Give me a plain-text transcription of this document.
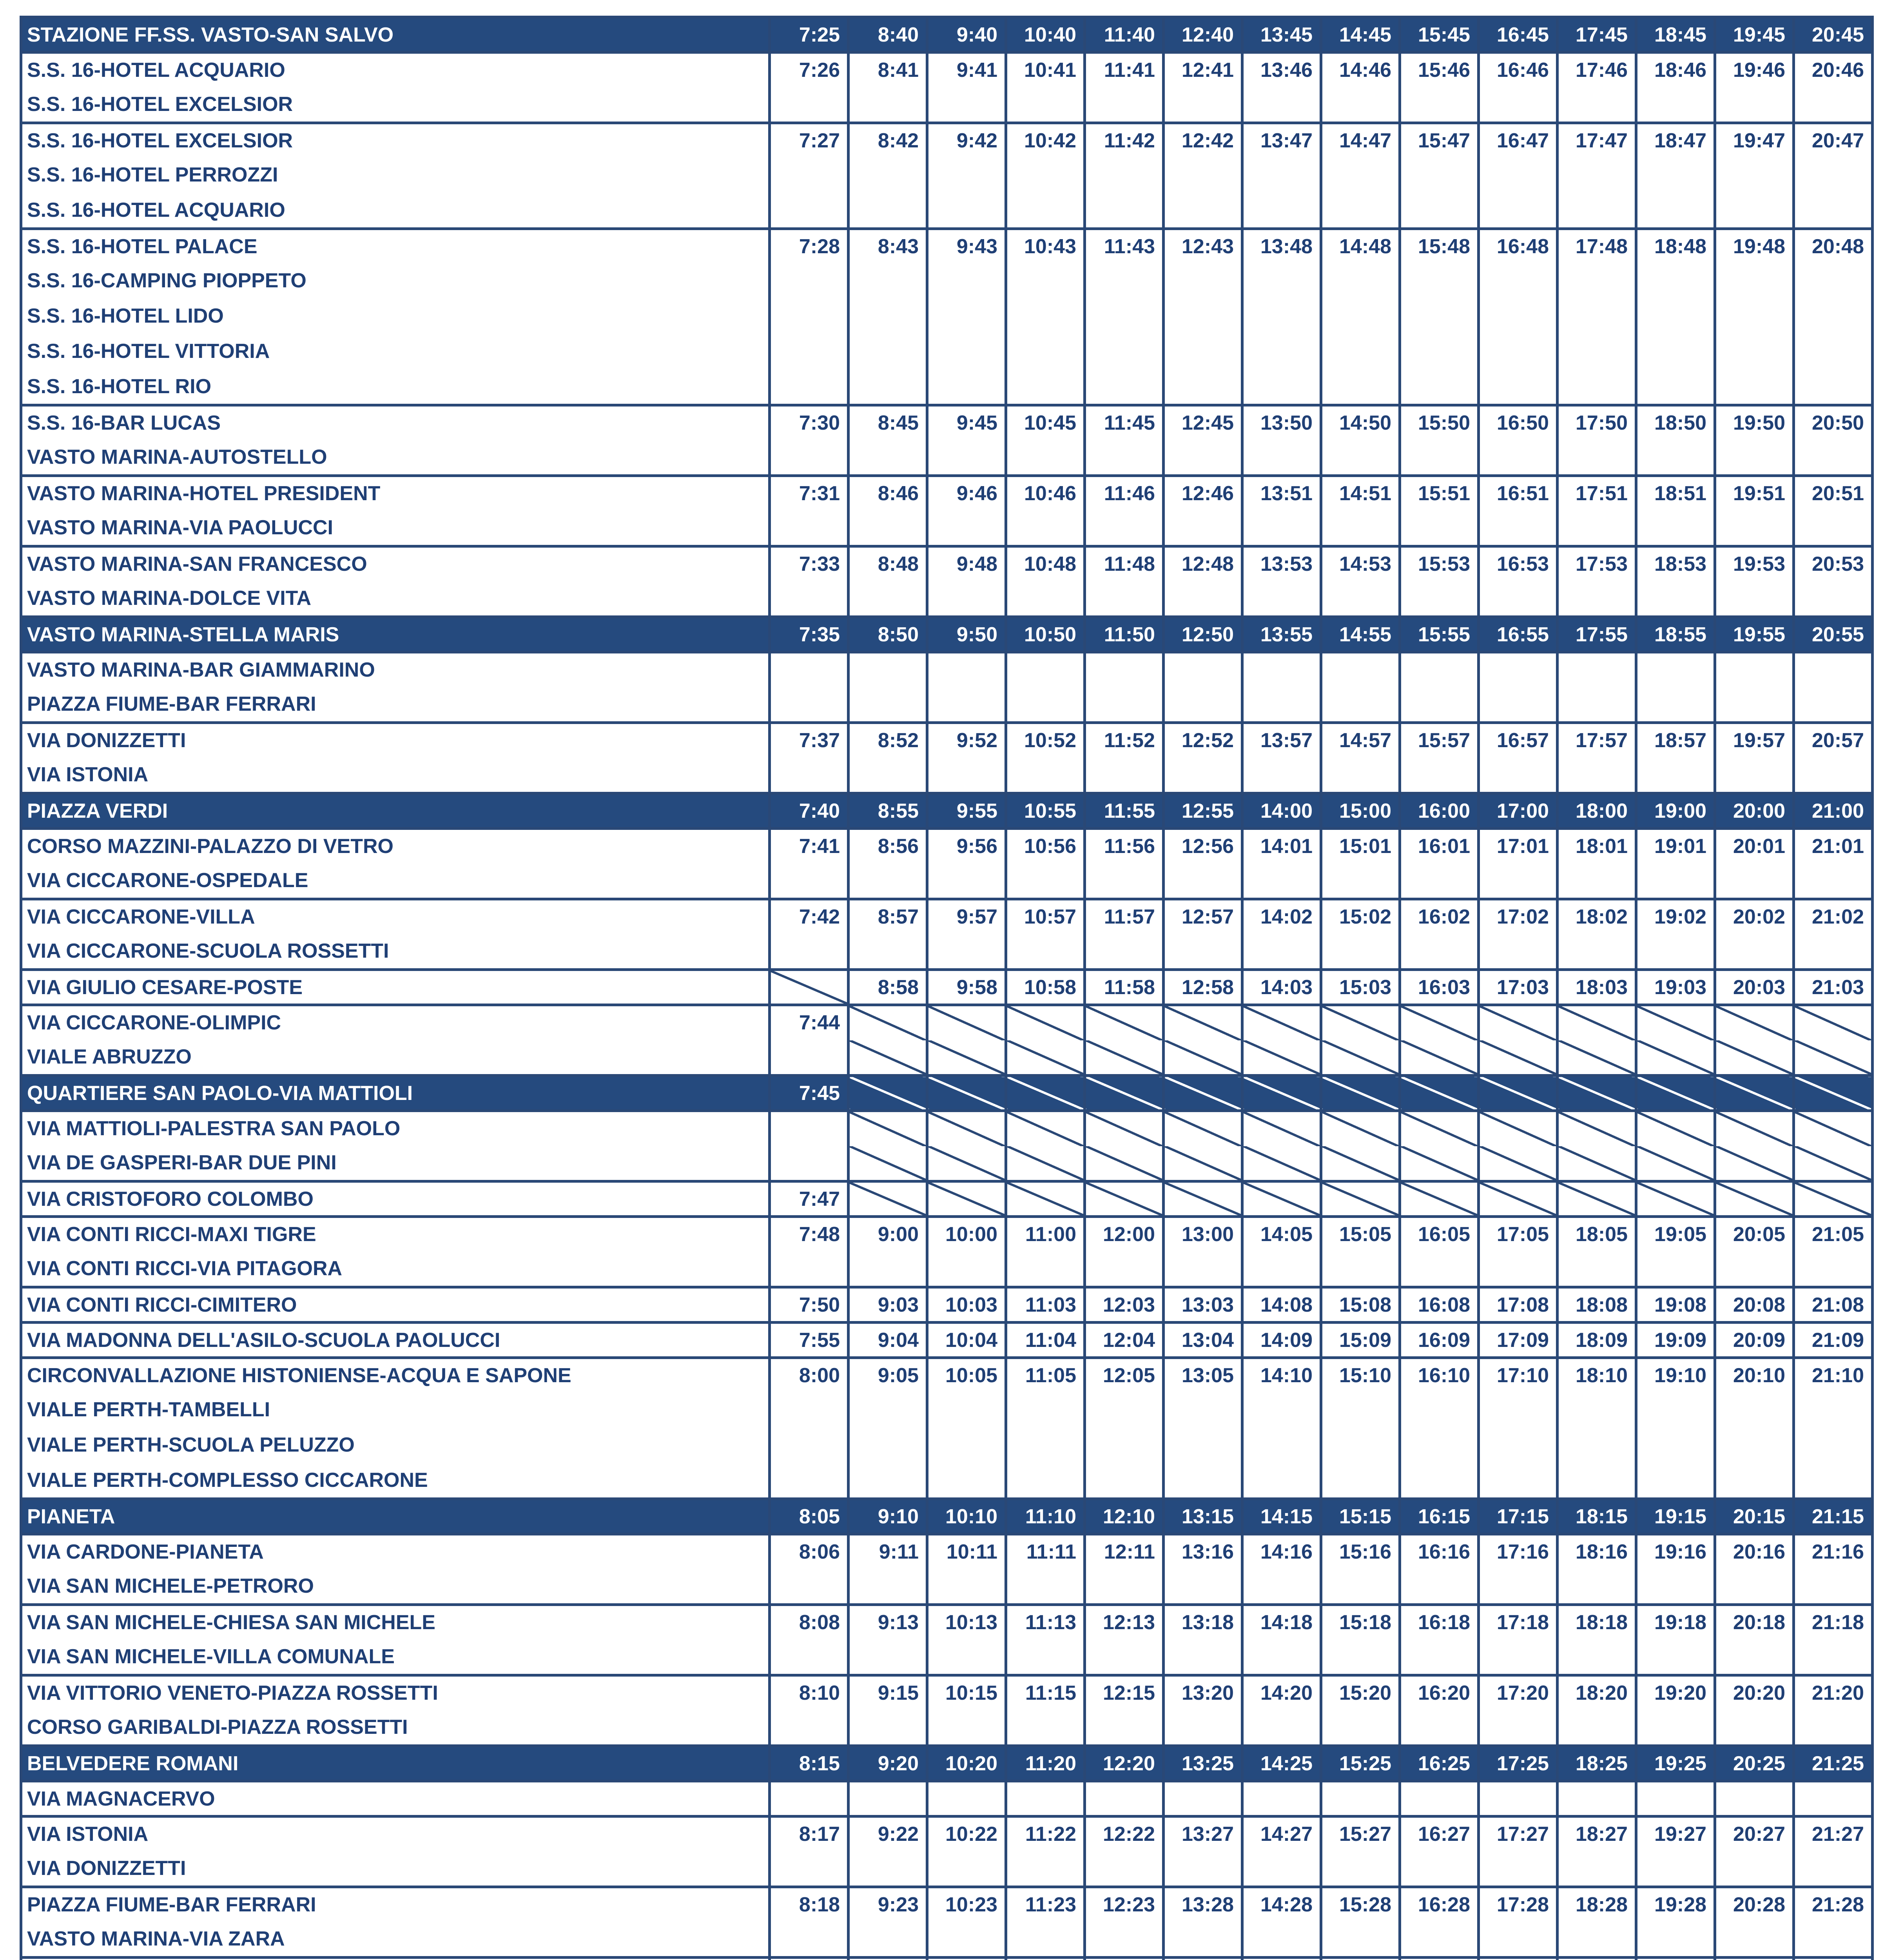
STAZIONE FF.SS. VASTO-SAN SALVO	7:25	8:40	9:40	10:40	11:40	12:40	13:45	14:45	15:45	16:45	17:45	18:45	19:45	20:45
S.S. 16-HOTEL ACQUARIO	7:26	8:41	9:41	10:41	11:41	12:41	13:46	14:46	15:46	16:46	17:46	18:46	19:46	20:46
S.S. 16-HOTEL EXCELSIOR														
S.S. 16-HOTEL EXCELSIOR	7:27	8:42	9:42	10:42	11:42	12:42	13:47	14:47	15:47	16:47	17:47	18:47	19:47	20:47
S.S. 16-HOTEL PERROZZI														
S.S. 16-HOTEL ACQUARIO														
S.S. 16-HOTEL PALACE	7:28	8:43	9:43	10:43	11:43	12:43	13:48	14:48	15:48	16:48	17:48	18:48	19:48	20:48
S.S. 16-CAMPING PIOPPETO														
S.S. 16-HOTEL LIDO														
S.S. 16-HOTEL VITTORIA														
S.S. 16-HOTEL RIO														
S.S. 16-BAR LUCAS	7:30	8:45	9:45	10:45	11:45	12:45	13:50	14:50	15:50	16:50	17:50	18:50	19:50	20:50
VASTO MARINA-AUTOSTELLO														
VASTO MARINA-HOTEL PRESIDENT	7:31	8:46	9:46	10:46	11:46	12:46	13:51	14:51	15:51	16:51	17:51	18:51	19:51	20:51
VASTO MARINA-VIA PAOLUCCI														
VASTO MARINA-SAN FRANCESCO	7:33	8:48	9:48	10:48	11:48	12:48	13:53	14:53	15:53	16:53	17:53	18:53	19:53	20:53
VASTO MARINA-DOLCE VITA														
VASTO MARINA-STELLA MARIS	7:35	8:50	9:50	10:50	11:50	12:50	13:55	14:55	15:55	16:55	17:55	18:55	19:55	20:55
VASTO MARINA-BAR GIAMMARINO														
PIAZZA FIUME-BAR FERRARI														
VIA DONIZZETTI	7:37	8:52	9:52	10:52	11:52	12:52	13:57	14:57	15:57	16:57	17:57	18:57	19:57	20:57
VIA ISTONIA														
PIAZZA VERDI	7:40	8:55	9:55	10:55	11:55	12:55	14:00	15:00	16:00	17:00	18:00	19:00	20:00	21:00
CORSO MAZZINI-PALAZZO DI VETRO	7:41	8:56	9:56	10:56	11:56	12:56	14:01	15:01	16:01	17:01	18:01	19:01	20:01	21:01
VIA CICCARONE-OSPEDALE														
VIA CICCARONE-VILLA	7:42	8:57	9:57	10:57	11:57	12:57	14:02	15:02	16:02	17:02	18:02	19:02	20:02	21:02
VIA CICCARONE-SCUOLA ROSSETTI														
VIA GIULIO CESARE-POSTE		8:58	9:58	10:58	11:58	12:58	14:03	15:03	16:03	17:03	18:03	19:03	20:03	21:03
VIA CICCARONE-OLIMPIC	7:44													
VIALE ABRUZZO														
QUARTIERE SAN PAOLO-VIA MATTIOLI	7:45													
VIA MATTIOLI-PALESTRA SAN PAOLO														
VIA DE GASPERI-BAR DUE PINI														
VIA CRISTOFORO COLOMBO	7:47													
VIA CONTI RICCI-MAXI TIGRE	7:48	9:00	10:00	11:00	12:00	13:00	14:05	15:05	16:05	17:05	18:05	19:05	20:05	21:05
VIA CONTI RICCI-VIA PITAGORA														
VIA CONTI RICCI-CIMITERO	7:50	9:03	10:03	11:03	12:03	13:03	14:08	15:08	16:08	17:08	18:08	19:08	20:08	21:08
VIA MADONNA DELL'ASILO-SCUOLA PAOLUCCI	7:55	9:04	10:04	11:04	12:04	13:04	14:09	15:09	16:09	17:09	18:09	19:09	20:09	21:09
CIRCONVALLAZIONE HISTONIENSE-ACQUA E SAPONE	8:00	9:05	10:05	11:05	12:05	13:05	14:10	15:10	16:10	17:10	18:10	19:10	20:10	21:10
VIALE PERTH-TAMBELLI														
VIALE PERTH-SCUOLA PELUZZO														
VIALE PERTH-COMPLESSO CICCARONE														
PIANETA	8:05	9:10	10:10	11:10	12:10	13:15	14:15	15:15	16:15	17:15	18:15	19:15	20:15	21:15
VIA CARDONE-PIANETA	8:06	9:11	10:11	11:11	12:11	13:16	14:16	15:16	16:16	17:16	18:16	19:16	20:16	21:16
VIA SAN MICHELE-PETRORO														
VIA SAN MICHELE-CHIESA SAN MICHELE	8:08	9:13	10:13	11:13	12:13	13:18	14:18	15:18	16:18	17:18	18:18	19:18	20:18	21:18
VIA SAN MICHELE-VILLA COMUNALE														
VIA VITTORIO VENETO-PIAZZA ROSSETTI	8:10	9:15	10:15	11:15	12:15	13:20	14:20	15:20	16:20	17:20	18:20	19:20	20:20	21:20
CORSO GARIBALDI-PIAZZA ROSSETTI														
BELVEDERE ROMANI	8:15	9:20	10:20	11:20	12:20	13:25	14:25	15:25	16:25	17:25	18:25	19:25	20:25	21:25
VIA MAGNACERVO														
VIA ISTONIA	8:17	9:22	10:22	11:22	12:22	13:27	14:27	15:27	16:27	17:27	18:27	19:27	20:27	21:27
VIA DONIZZETTI														
PIAZZA FIUME-BAR FERRARI	8:18	9:23	10:23	11:23	12:23	13:28	14:28	15:28	16:28	17:28	18:28	19:28	20:28	21:28
VASTO MARINA-VIA ZARA														
